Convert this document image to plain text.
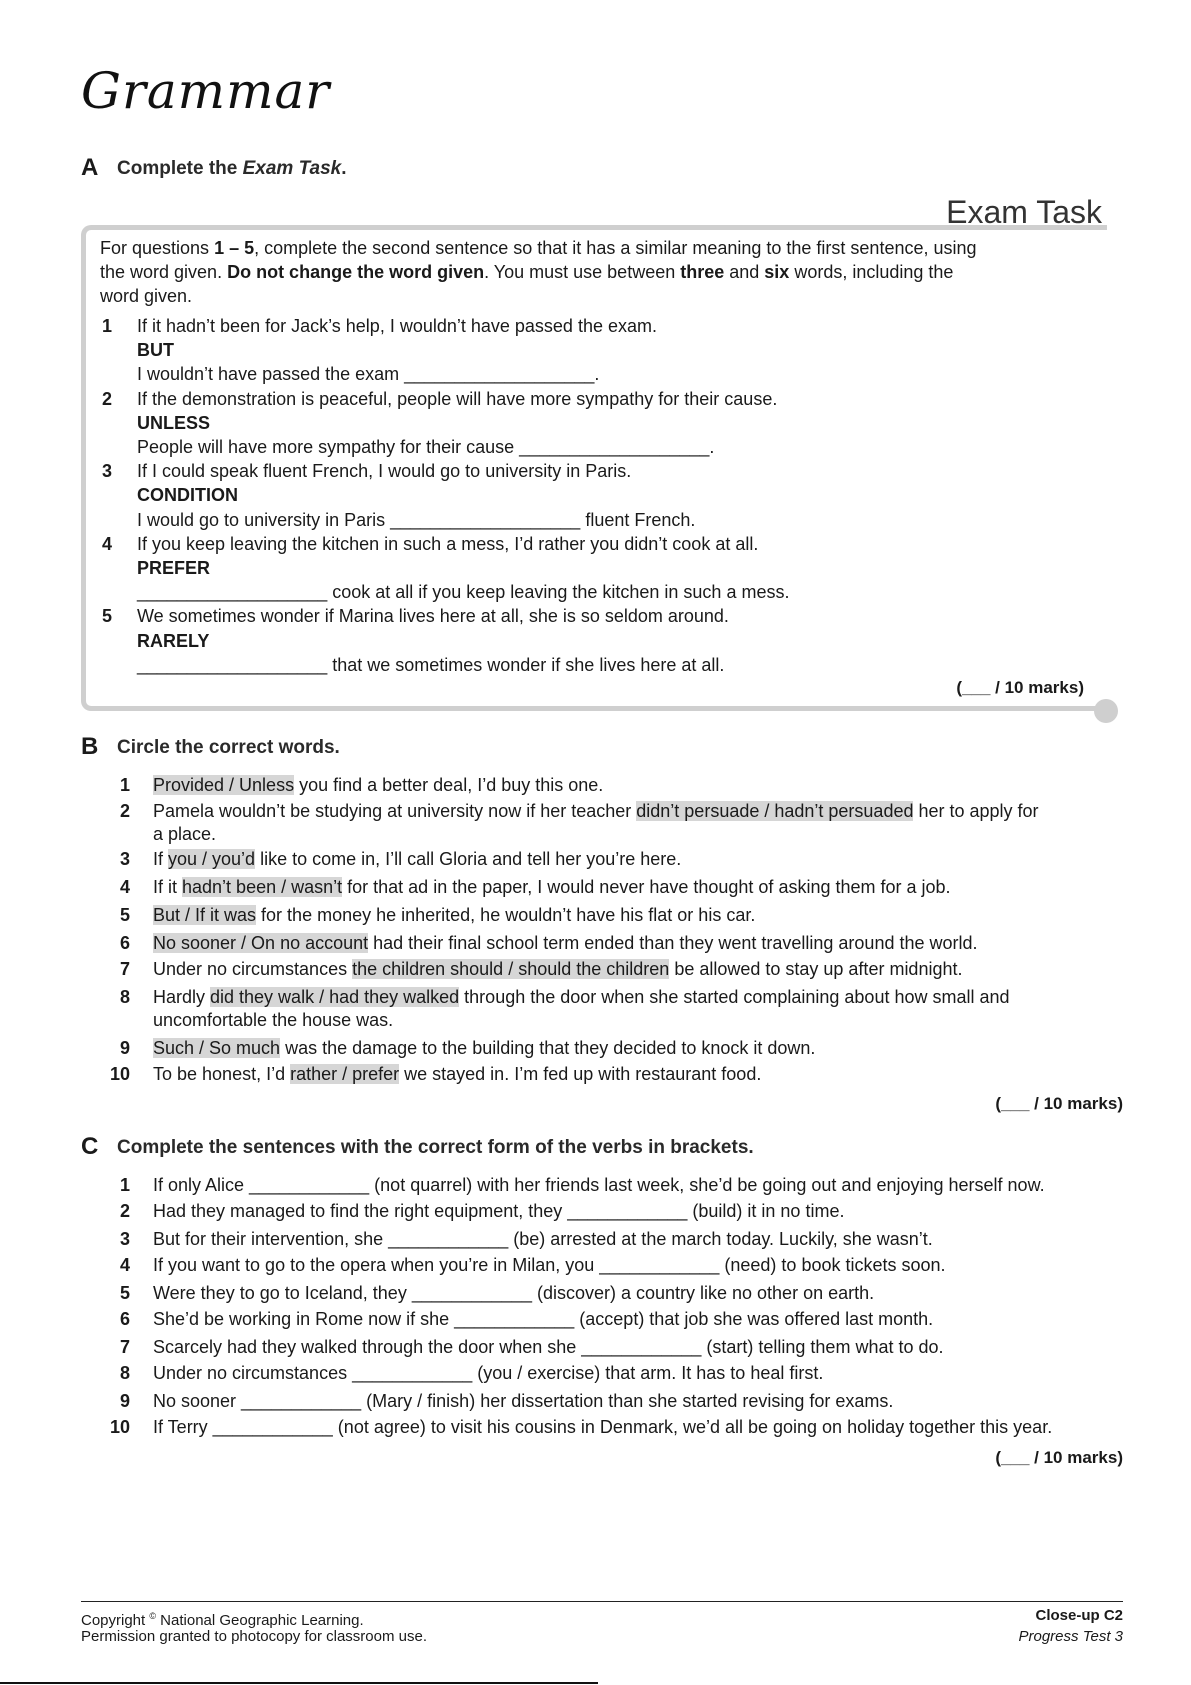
Grammar
A Complete the Exam Task.
Exam Task
For questions 1 – 5, complete the second sentence so that it has a similar meaning to the first sentence, using
the word given. Do not change the word given. You must use between three and six words, including the
word given.
1 If it hadn’t been for Jack’s help, I wouldn’t have passed the exam.
BUT
I wouldn’t have passed the exam ___________________.
2 If the demonstration is peaceful, people will have more sympathy for their cause.
UNLESS
People will have more sympathy for their cause ___________________.
3 If I could speak fluent French, I would go to university in Paris.
CONDITION
I would go to university in Paris ___________________ fluent French.
4 If you keep leaving the kitchen in such a mess, I’d rather you didn’t cook at all.
PREFER
___________________ cook at all if you keep leaving the kitchen in such a mess.
5 We sometimes wonder if Marina lives here at all, she is so seldom around.
RARELY
___________________ that we sometimes wonder if she lives here at all.
(___ / 10 marks)
B Circle the correct words.
1 Provided / Unless you find a better deal, I’d buy this one.
2 Pamela wouldn’t be studying at university now if her teacher didn’t persuade / hadn’t persuaded her to apply for
a place.
3 If you / you’d like to come in, I’ll call Gloria and tell her you’re here.
4 If it hadn’t been / wasn’t for that ad in the paper, I would never have thought of asking them for a job.
5 But / If it was for the money he inherited, he wouldn’t have his flat or his car.
6 No sooner / On no account had their final school term ended than they went travelling around the world.
7 Under no circumstances the children should / should the children be allowed to stay up after midnight.
8 Hardly did they walk / had they walked through the door when she started complaining about how small and
uncomfortable the house was.
9 Such / So much was the damage to the building that they decided to knock it down.
10 To be honest, I’d rather / prefer we stayed in. I’m fed up with restaurant food.
(___ / 10 marks)
C Complete the sentences with the correct form of the verbs in brackets.
1 If only Alice ____________ (not quarrel) with her friends last week, she’d be going out and enjoying herself now.
2 Had they managed to find the right equipment, they ____________ (build) it in no time.
3 But for their intervention, she ____________ (be) arrested at the march today. Luckily, she wasn’t.
4 If you want to go to the opera when you’re in Milan, you ____________ (need) to book tickets soon.
5 Were they to go to Iceland, they ____________ (discover) a country like no other on earth.
6 She’d be working in Rome now if she ____________ (accept) that job she was offered last month.
7 Scarcely had they walked through the door when she ____________ (start) telling them what to do.
8 Under no circumstances ____________ (you / exercise) that arm. It has to heal first.
9 No sooner ____________ (Mary / finish) her dissertation than she started revising for exams.
10 If Terry ____________ (not agree) to visit his cousins in Denmark, we’d all be going on holiday together this year.
(___ / 10 marks)
Copyright © National Geographic Learning.
Permission granted to photocopy for classroom use.
Close-up C2
Progress Test 3
